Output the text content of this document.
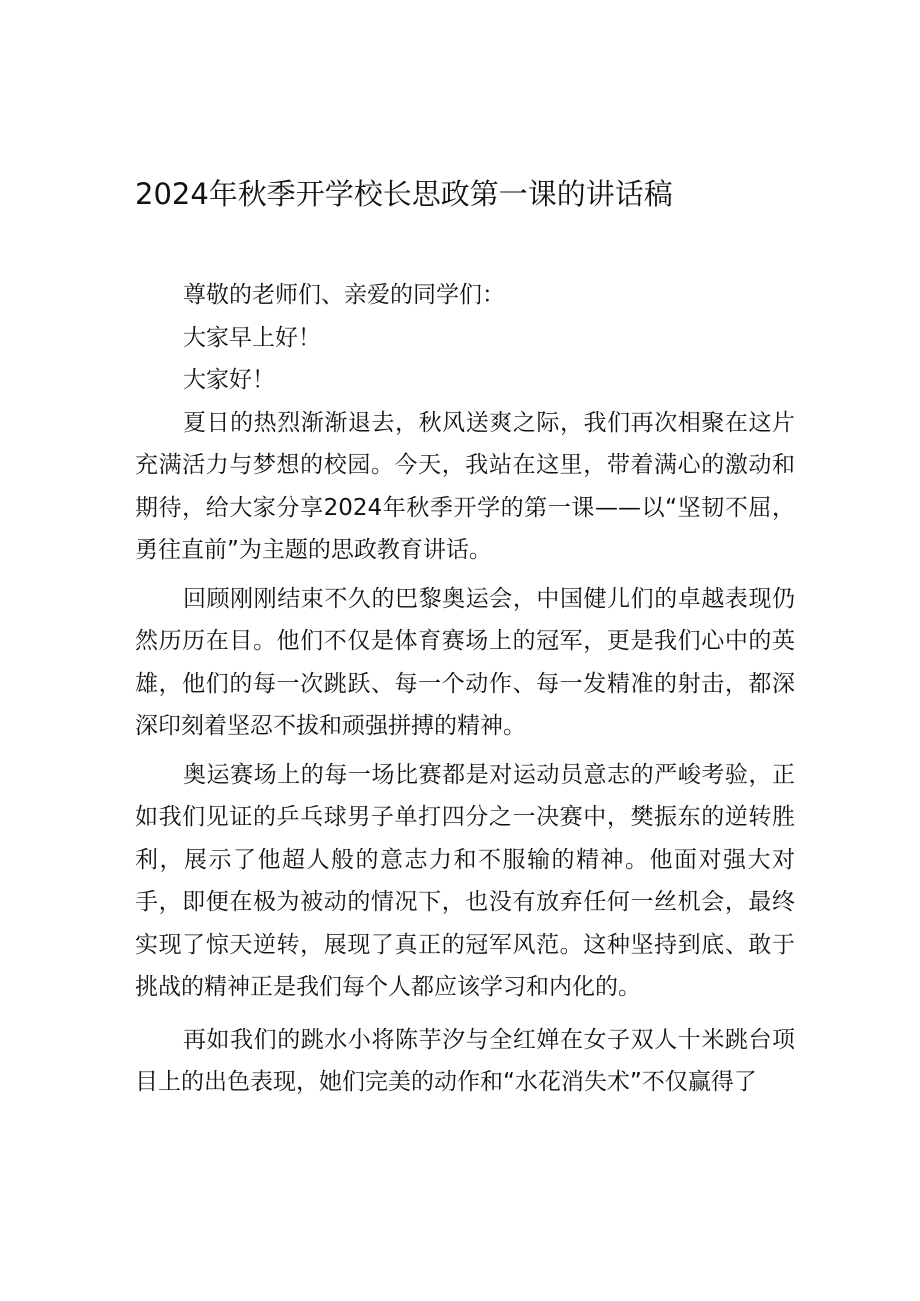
2024年秋季开学校长思政第一课的讲话稿

尊敬的老师们、亲爱的同学们：

大家早上好！

大家好！

夏日的热烈渐渐退去，秋风送爽之际，我们再次相聚在这片充满活力与梦想的校园。今天，我站在这里，带着满心的激动和期待，给大家分享2024年秋季开学的第一课——以“坚韧不屈，勇往直前”为主题的思政教育讲话。

回顾刚刚结束不久的巴黎奥运会，中国健儿们的卓越表现仍然历历在目。他们不仅是体育赛场上的冠军，更是我们心中的英雄，他们的每一次跳跃、每一个动作、每一发精准的射击，都深深印刻着坚忍不拔和顽强拼搏的精神。

奥运赛场上的每一场比赛都是对运动员意志的严峻考验，正如我们见证的乒乓球男子单打四分之一决赛中，樊振东的逆转胜利，展示了他超人般的意志力和不服输的精神。他面对强大对手，即便在极为被动的情况下，也没有放弃任何一丝机会，最终实现了惊天逆转，展现了真正的冠军风范。这种坚持到底、敢于挑战的精神正是我们每个人都应该学习和内化的。

再如我们的跳水小将陈芋汐与全红婵在女子双人十米跳台项目上的出色表现，她们完美的动作和“水花消失术”不仅赢得了
